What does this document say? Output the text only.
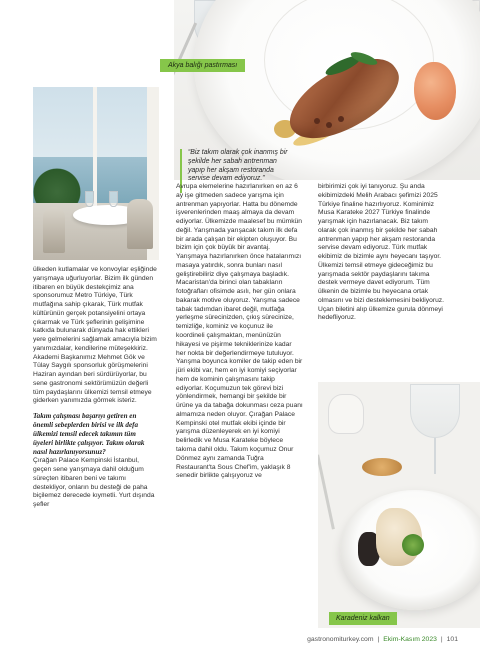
Akya balığı pastırması
“Biz takım olarak çok inanmış bir şekilde her sabah antrenman yapıp her akşam restoranda servise devam ediyoruz.”

ülkeden kutlamalar ve konvoylar eşliğinde yarışmaya uğurluyorlar. Bizim ilk günden itibaren en büyük destekçimiz ana sponsorumuz Metro Türkiye, Türk mutfağına sahip çıkarak, Türk mutfak kültürünün gerçek potansiyelini ortaya çıkarmak ve Türk şeflerinin gelişimine katkıda bulunarak dünyada hak ettikleri yere gelmelerini sağlamak amacıyla bizim yanımızdalar, kendilerine müteşekkiriz. Akademi Başkanımız Mehmet Gök ve Tülay Saygılı sponsorluk görüşmelerini Haziran ayından beri sürdürüyorlar, bu sene gastronomi sektörümüzün değerli tüm paydaşlarını ülkemizi temsil etmeye giderken yanımızda görmek isteriz.

Takım çalışması başarıyı getiren en önemli sebeplerden birisi ve ilk defa ülkemizi temsil edecek takımın tüm üyeleri birlikte çalışıyor. Takım olarak nasıl hazırlanıyorsunuz?

Çırağan Palace Kempinski İstanbul, geçen sene yarışmaya dahil olduğum süreçten itibaren beni ve takımı destekliyor, onların bu desteği de paha biçilemez derecede kıymetli. Yurt dışında şefler

Avrupa elemelerine hazırlanırken en az 6 ay işe gitmeden sadece yarışma için antrenman yapıyorlar. Hatta bu dönemde işverenlerinden maaş almaya da devam ediyorlar. Ülkemizde maalesef bu mümkün değil. Yarışmada yarışacak takım ilk defa bir arada çalışan bir ekipten oluşuyor. Bu bizim için çok büyük bir avantaj. Yarışmaya hazırlanırken önce hatalarımızı masaya yatırdık, sonra bunları nasıl geliştirebiliriz diye çalışmaya başladık. Macaristan'da birinci olan tabakların fotoğrafları ofisimde asılı, her gün onlara bakarak motive oluyoruz. Yarışma sadece tabak tadımdan ibaret değil, mutfağa yerleşme sürecinizden, çıkış sürecinize, temizliğe, kominiz ve koçunuz ile koordineli çalışmaktan, menünüzün hikayesi ve pişirme tekniklerinize kadar her nokta bir değerlendirmeye tutuluyor. Yarışma boyunca komiler de takip eden bir jüri ekibi var, hem en iyi komiyi seçiyorlar hem de kominin çalışmasını takip ediyorlar. Koçumuzun tek görevi bizi yönlendirmek, hemangi bir şekilde bir ürüne ya da tabağa dokunması ceza puanı almamıza neden oluyor. Çırağan Palace Kempinski otel mutfak ekibi içinde bir yarışma düzenleyerek en iyi komiyi belirledik ve Musa Karateke böylece takıma dahil oldu. Takım koçumuz Onur Dönmez aynı zamanda Tuğra Restaurant'ta Sous Chef'im, yaklaşık 8 senedir birlikte çalışıyoruz ve

birbirimizi çok iyi tanıyoruz. Şu anda ekibimizdeki Melih Arabacı şefimizi 2025 Türkiye finaline hazırlıyoruz. Kominimiz Musa Karateke 2027 Türkiye finalinde yarışmak için hazırlanacak. Biz takım olarak çok inanmış bir şekilde her sabah antrenman yapıp her akşam restoranda servise devam ediyoruz. Türk mutfak ekibimiz de bizimle aynı heyecanı taşıyor. Ülkemizi temsil etmeye gideceğimiz bu yarışmada sektör paydaşlarını takıma destek vermeye davet ediyorum. Tüm ülkenin de bizimle bu heyecana ortak olmasını ve bizi desteklemesini bekliyoruz. Uçan biletini alıp ülkemize gurula dönmeyi hedefliyoruz.

Karadeniz kalkan
gastronomiturkey.com | Ekim-Kasım 2023 | 101
